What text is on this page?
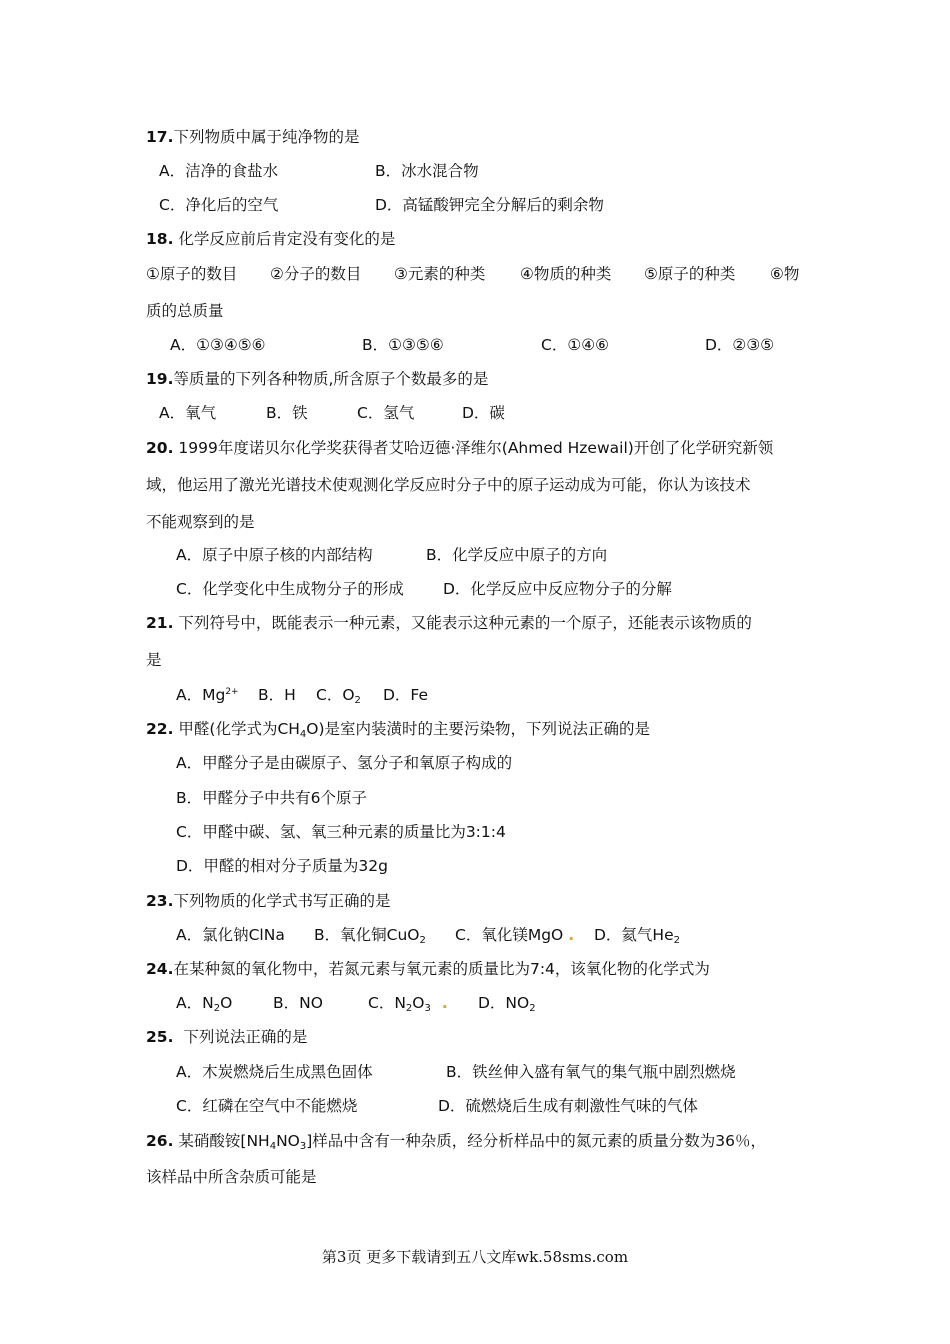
17.下列物质中属于纯净物的是
A．洁净的食盐水	B．冰水混合物
C．净化后的空气	D．高锰酸钾完全分解后的剩余物
18. 化学反应前后肯定没有变化的是
①原子的数目 ②分子的数目 ③元素的种类 ④物质的种类 ⑤原子的种类 ⑥物
质的总质量
A．①③④⑤⑥	B．①③⑤⑥	C．①④⑥	D．②③⑤
19.等质量的下列各种物质,所含原子个数最多的是
A．氧气	B．铁	C．氢气	D．碳
20. 1999年度诺贝尔化学奖获得者艾哈迈德·泽维尔(Ahmed Hzewail)开创了化学研究新领
域，他运用了激光光谱技术使观测化学反应时分子中的原子运动成为可能，你认为该技术
不能观察到的是
A．原子中原子核的内部结构	B．化学反应中原子的方向
C．化学变化中生成物分子的形成	D．化学反应中反应物分子的分解
21. 下列符号中，既能表示一种元素，又能表示这种元素的一个原子，还能表示该物质的
是
A．$Mg^{2+}$ B．H C．$O_2$ D．Fe
22. 甲醛(化学式为$CH_4O$)是室内装潢时的主要污染物，下列说法正确的是
A．甲醛分子是由碳原子、氢分子和氧原子构成的
B．甲醛分子中共有6个原子
C．甲醛中碳、氢、氧三种元素的质量比为3:1:4
D．甲醛的相对分子质量为32g
23.下列物质的化学式书写正确的是
A．氯化钠ClNa B．氧化铜CuO$_2$ C．氧化镁MgO . D．氦气$He_2$
24.在某种氮的氧化物中，若氮元素与氧元素的质量比为7:4，该氧化物的化学式为
A．$N_2O$	B．NO	C．$N_2O_3$ . D．$NO_2$
25.  下列说法正确的是
A．木炭燃烧后生成黑色固体	B．铁丝伸入盛有氧气的集气瓶中剧烈燃烧
C．红磷在空气中不能燃烧	D．硫燃烧后生成有刺激性气味的气体
26. 某硝酸铵$[NH_4NO_3]$样品中含有一种杂质，经分析样品中的氮元素的质量分数为36％，
该样品中所含杂质可能是
第3页 更多下载请到五八文库wk.58sms.com
